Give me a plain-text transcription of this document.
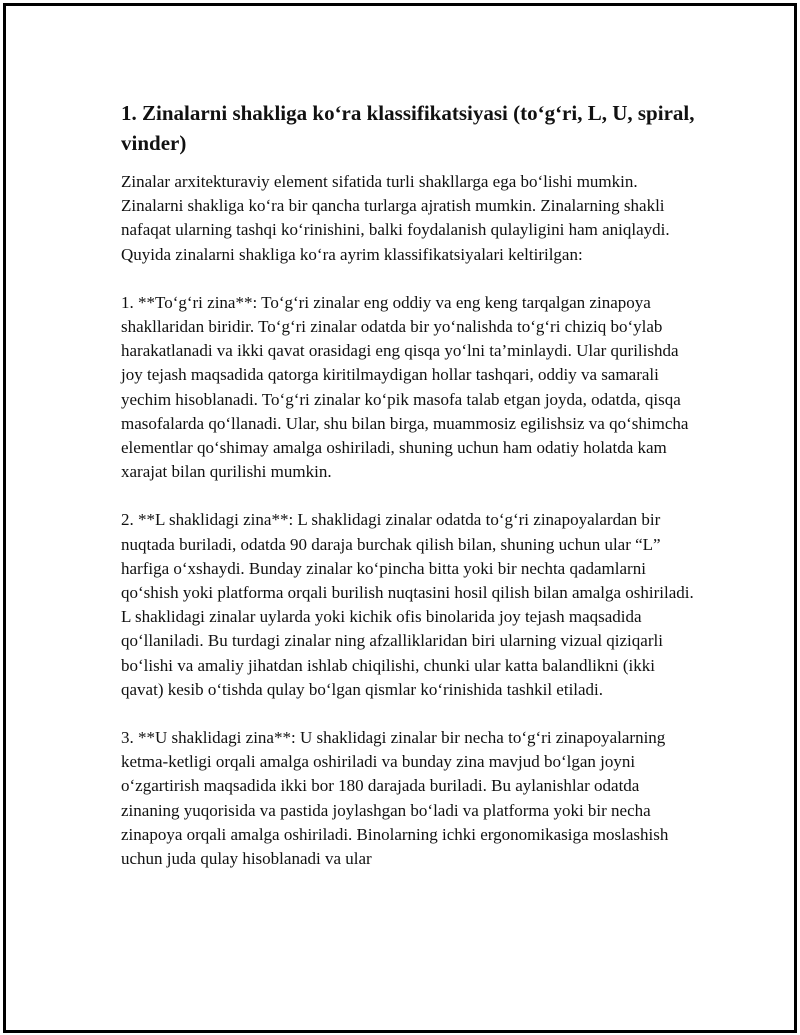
1. Zinalarni shakliga ko‘ra klassifikatsiyasi (to‘g‘ri, L, U, spiral, vinder)

Zinalar arxitekturaviy element sifatida turli shakllarga ega bo‘lishi mumkin. Zinalarni shakliga ko‘ra bir qancha turlarga ajratish mumkin. Zinalarning shakli nafaqat ularning tashqi ko‘rinishini, balki foydalanish qulayligini ham aniqlaydi. Quyida zinalarni shakliga ko‘ra ayrim klassifikatsiyalari keltirilgan:

1. **To‘g‘ri zina**: To‘g‘ri zinalar eng oddiy va eng keng tarqalgan zinapoya shakllaridan biridir. To‘g‘ri zinalar odatda bir yo‘nalishda to‘g‘ri chiziq bo‘ylab harakatlanadi va ikki qavat orasidagi eng qisqa yo‘lni ta’minlaydi. Ular qurilishda joy tejash maqsadida qatorga kiritilmaydigan hollar tashqari, oddiy va samarali yechim hisoblanadi. To‘g‘ri zinalar ko‘pik masofa talab etgan joyda, odatda, qisqa masofalarda qo‘llanadi. Ular, shu bilan birga, muammosiz egilishsiz va qo‘shimcha elementlar qo‘shimay amalga oshiriladi, shuning uchun ham odatiy holatda kam xarajat bilan qurilishi mumkin.

2. **L shaklidagi zina**: L shaklidagi zinalar odatda to‘g‘ri zinapoyalardan bir nuqtada buriladi, odatda 90 daraja burchak qilish bilan, shuning uchun ular “L” harfiga o‘xshaydi. Bunday zinalar ko‘pincha bitta yoki bir nechta qadamlarni qo‘shish yoki platforma orqali burilish nuqtasini hosil qilish bilan amalga oshiriladi. L shaklidagi zinalar uylarda yoki kichik ofis binolarida joy tejash maqsadida qo‘llaniladi. Bu turdagi zinalar ning afzalliklaridan biri ularning vizual qiziqarli bo‘lishi va amaliy jihatdan ishlab chiqilishi, chunki ular katta balandlikni (ikki qavat) kesib o‘tishda qulay bo‘lgan qismlar ko‘rinishida tashkil etiladi.

3. **U shaklidagi zina**: U shaklidagi zinalar bir necha to‘g‘ri zinapoyalarning ketma-ketligi orqali amalga oshiriladi va bunday zina mavjud bo‘lgan joyni o‘zgartirish maqsadida ikki bor 180 darajada buriladi. Bu aylanishlar odatda zinaning yuqorisida va pastida joylashgan bo‘ladi va platforma yoki bir necha zinapoya orqali amalga oshiriladi. Binolarning ichki ergonomikasiga moslashish uchun juda qulay hisoblanadi va ular
